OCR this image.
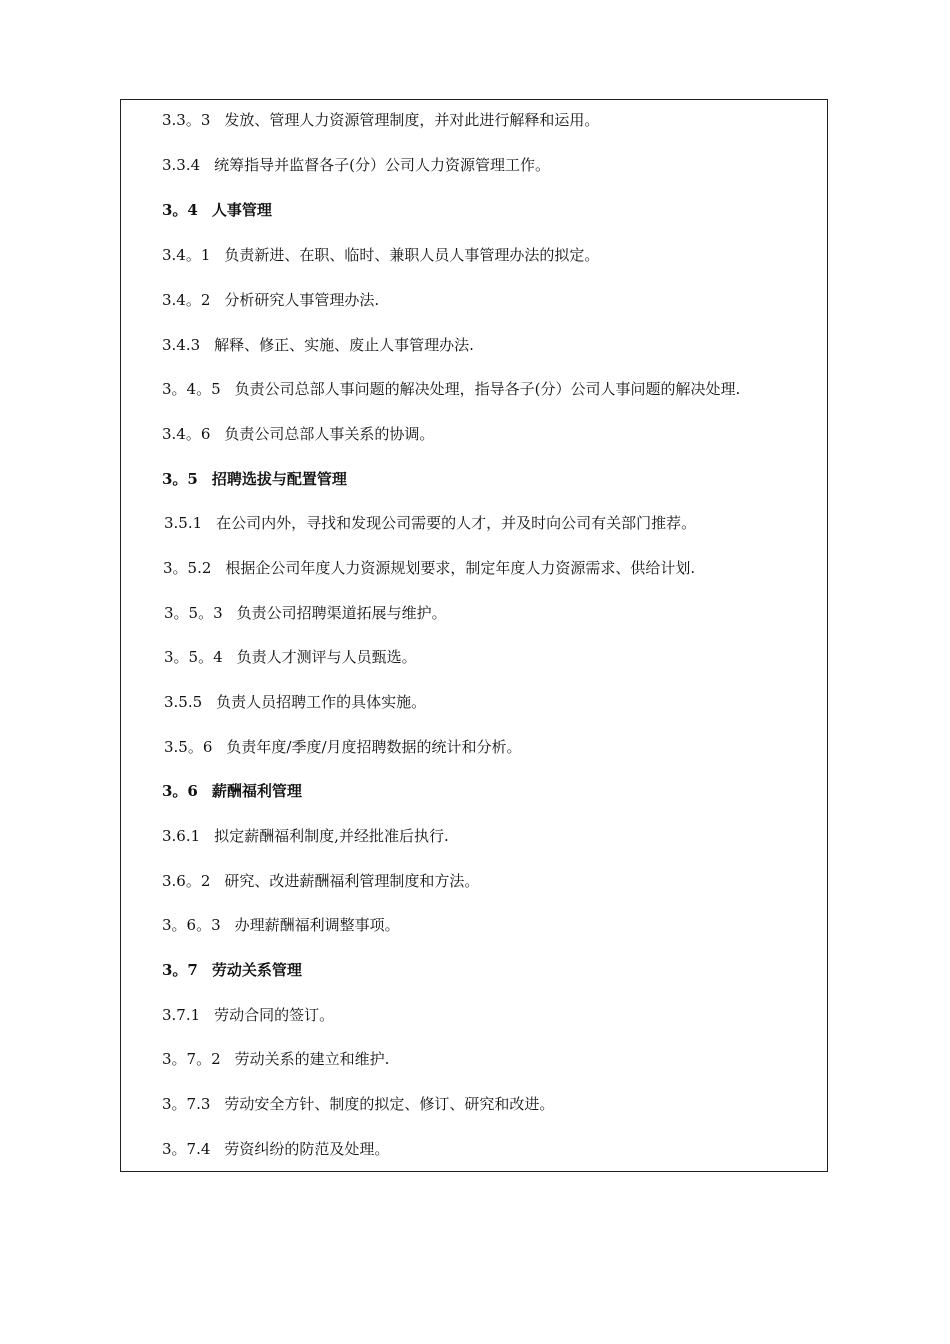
3.3。3 发放、管理人力资源管理制度，并对此进行解释和运用。
3.3.4 统筹指导并监督各子(分）公司人力资源管理工作。
3。4 人事管理
3.4。1 负责新进、在职、临时、兼职人员人事管理办法的拟定。
3.4。2 分析研究人事管理办法.
3.4.3 解释、修正、实施、废止人事管理办法.
3。4。5 负责公司总部人事问题的解决处理，指导各子(分）公司人事问题的解决处理.
3.4。6 负责公司总部人事关系的协调。
3。5 招聘选拔与配置管理
3.5.1 在公司内外，寻找和发现公司需要的人才，并及时向公司有关部门推荐。
3。5.2 根据企公司年度人力资源规划要求，制定年度人力资源需求、供给计划.
3。5。3 负责公司招聘渠道拓展与维护。
3。5。4 负责人才测评与人员甄选。
3.5.5 负责人员招聘工作的具体实施。
3.5。6 负责年度/季度/月度招聘数据的统计和分析。
3。6 薪酬福利管理
3.6.1 拟定薪酬福利制度,并经批准后执行.
3.6。2 研究、改进薪酬福利管理制度和方法。
3。6。3 办理薪酬福利调整事项。
3。7 劳动关系管理
3.7.1 劳动合同的签订。
3。7。2 劳动关系的建立和维护.
3。7.3 劳动安全方针、制度的拟定、修订、研究和改进。
3。7.4 劳资纠纷的防范及处理。
